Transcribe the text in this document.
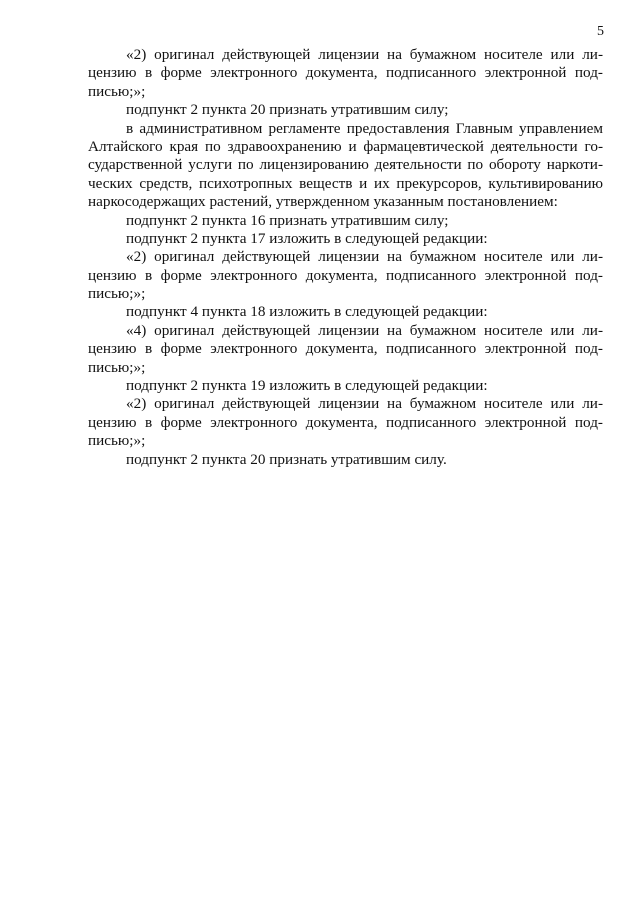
5
«2) оригинал действующей лицензии на бумажном носителе или ли-
цензию в форме электронного документа, подписанного электронной под-
писью;»;
подпункт 2 пункта 20 признать утратившим силу;
в административном регламенте предоставления Главным управлением
Алтайского края по здравоохранению и фармацевтической деятельности го-
сударственной услуги по лицензированию деятельности по обороту наркоти-
ческих средств, психотропных веществ и их прекурсоров, культивированию
наркосодержащих растений, утвержденном указанным постановлением:
подпункт 2 пункта 16 признать утратившим силу;
подпункт 2 пункта 17 изложить в следующей редакции:
«2) оригинал действующей лицензии на бумажном носителе или ли-
цензию в форме электронного документа, подписанного электронной под-
писью;»;
подпункт 4 пункта 18 изложить в следующей редакции:
«4) оригинал действующей лицензии на бумажном носителе или ли-
цензию в форме электронного документа, подписанного электронной под-
писью;»;
подпункт 2 пункта 19 изложить в следующей редакции:
«2) оригинал действующей лицензии на бумажном носителе или ли-
цензию в форме электронного документа, подписанного электронной под-
писью;»;
подпункт 2 пункта 20 признать утратившим силу.
